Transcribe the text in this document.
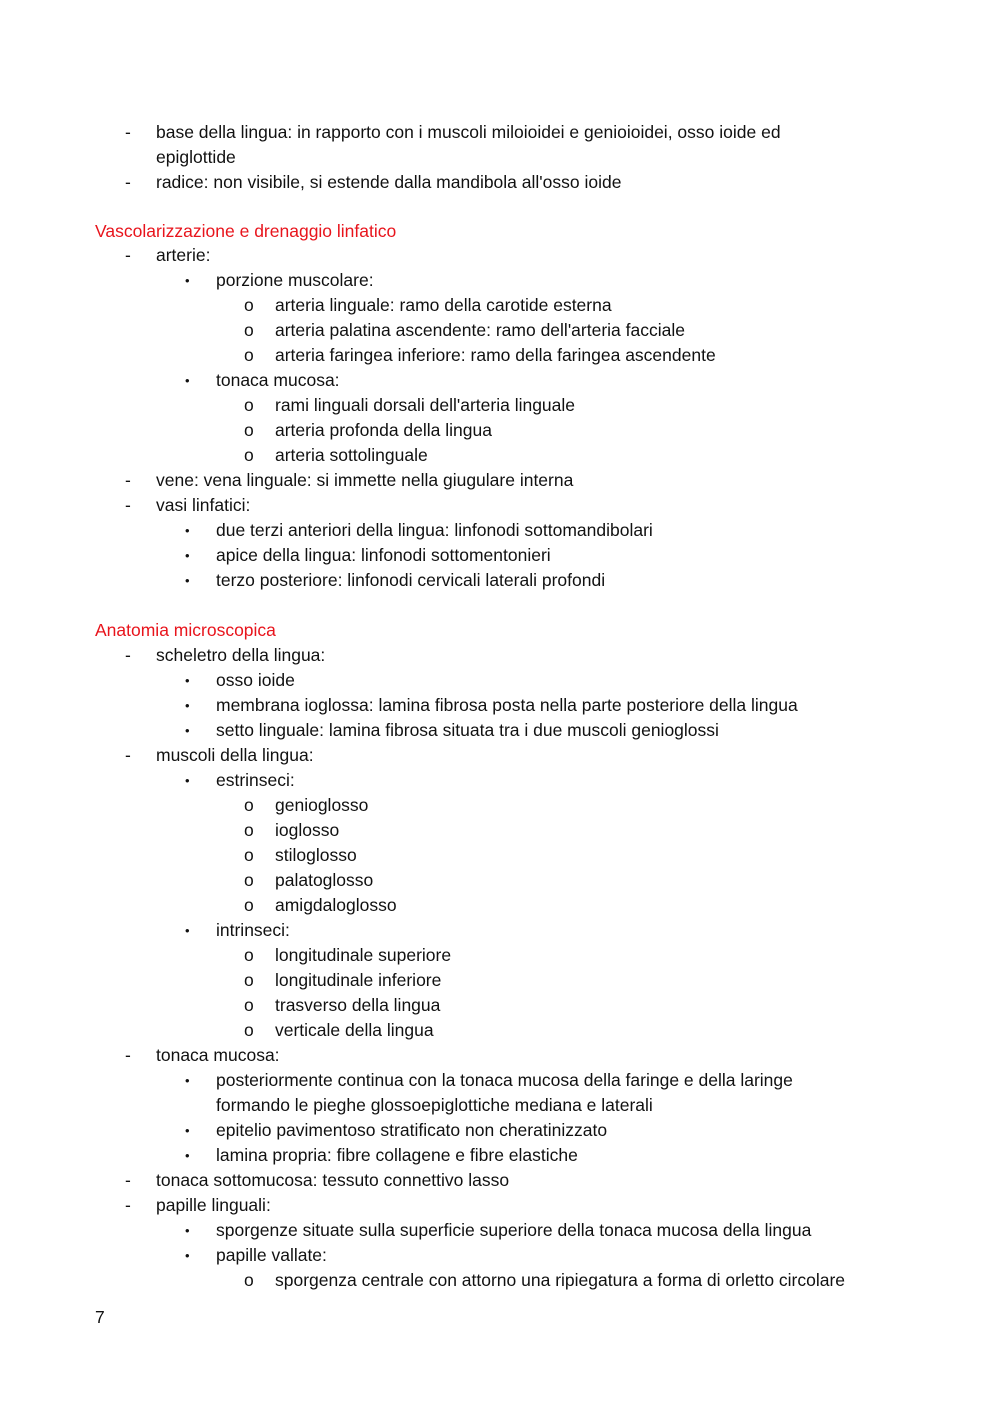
- base della lingua: in rapporto con i muscoli miloioidei e genioioidei, osso ioide ed
epiglottide
- radice: non visibile, si estende dalla mandibola all'osso ioide
Vascolarizzazione e drenaggio linfatico
- arterie:
• porzione muscolare:
o arteria linguale: ramo della carotide esterna
o arteria palatina ascendente: ramo dell'arteria facciale
o arteria faringea inferiore: ramo della faringea ascendente
• tonaca mucosa:
o rami linguali dorsali dell'arteria linguale
o arteria profonda della lingua
o arteria sottolinguale
- vene: vena linguale: si immette nella giugulare interna
- vasi linfatici:
• due terzi anteriori della lingua: linfonodi sottomandibolari
• apice della lingua: linfonodi sottomentonieri
• terzo posteriore: linfonodi cervicali laterali profondi
Anatomia microscopica
- scheletro della lingua:
• osso ioide
• membrana ioglossa: lamina fibrosa posta nella parte posteriore della lingua
• setto linguale: lamina fibrosa situata tra i due muscoli genioglossi
- muscoli della lingua:
• estrinseci:
o genioglosso
o ioglosso
o stiloglosso
o palatoglosso
o amigdaloglosso
• intrinseci:
o longitudinale superiore
o longitudinale inferiore
o trasverso della lingua
o verticale della lingua
- tonaca mucosa:
• posteriormente continua con la tonaca mucosa della faringe e della laringe
formando le pieghe glossoepiglottiche mediana e laterali
• epitelio pavimentoso stratificato non cheratinizzato
• lamina propria: fibre collagene e fibre elastiche
- tonaca sottomucosa: tessuto connettivo lasso
- papille linguali:
• sporgenze situate sulla superficie superiore della tonaca mucosa della lingua
• papille vallate:
o sporgenza centrale con attorno una ripiegatura a forma di orletto circolare
7
